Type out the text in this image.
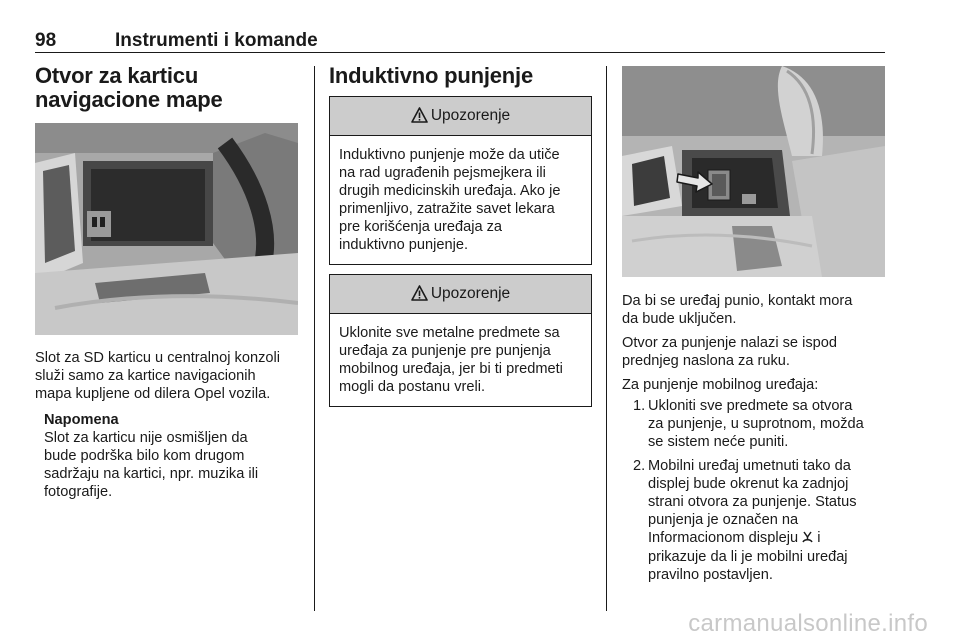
98	Instrumenti i komande
Otvor za karticu
navigacione mape

Slot za SD karticu u centralnoj konzoli
služi samo za kartice navigacionih
mapa kupljene od dilera Opel vozila.

Napomena

Slot za karticu nije osmišljen da
bude podrška bilo kom drugom
sadržaju na kartici, npr. muzika ili
fotografije.

Induktivno punjenje
Upozorenje
Induktivno punjenje može da utiče
na rad ugrađenih pejsmejkera ili
drugih medicinskih uređaja. Ako je
primenljivo, zatražite savet lekara
pre korišćenja uređaja za
induktivno punjenje.
Upozorenje
Uklonite sve metalne predmete sa
uređaja za punjenje pre punjenja
mobilnog uređaja, jer bi ti predmeti
mogli da postanu vreli.

Da bi se uređaj punio, kontakt mora
da bude uključen.

Otvor za punjenje nalazi se ispod
prednjeg naslona za ruku.

Za punjenje mobilnog uređaja:

1. Ukloniti sve predmete sa otvora
za punjenje, u suprotnom, možda
se sistem neće puniti.
2. Mobilni uređaj umetnuti tako da
displej bude okrenut ka zadnjoj
strani otvora za punjenje. Status
punjenja je označen na
Informacionom displeju i
prikazuje da li je mobilni uređaj
pravilno postavljen.
carmanualsonline.info
